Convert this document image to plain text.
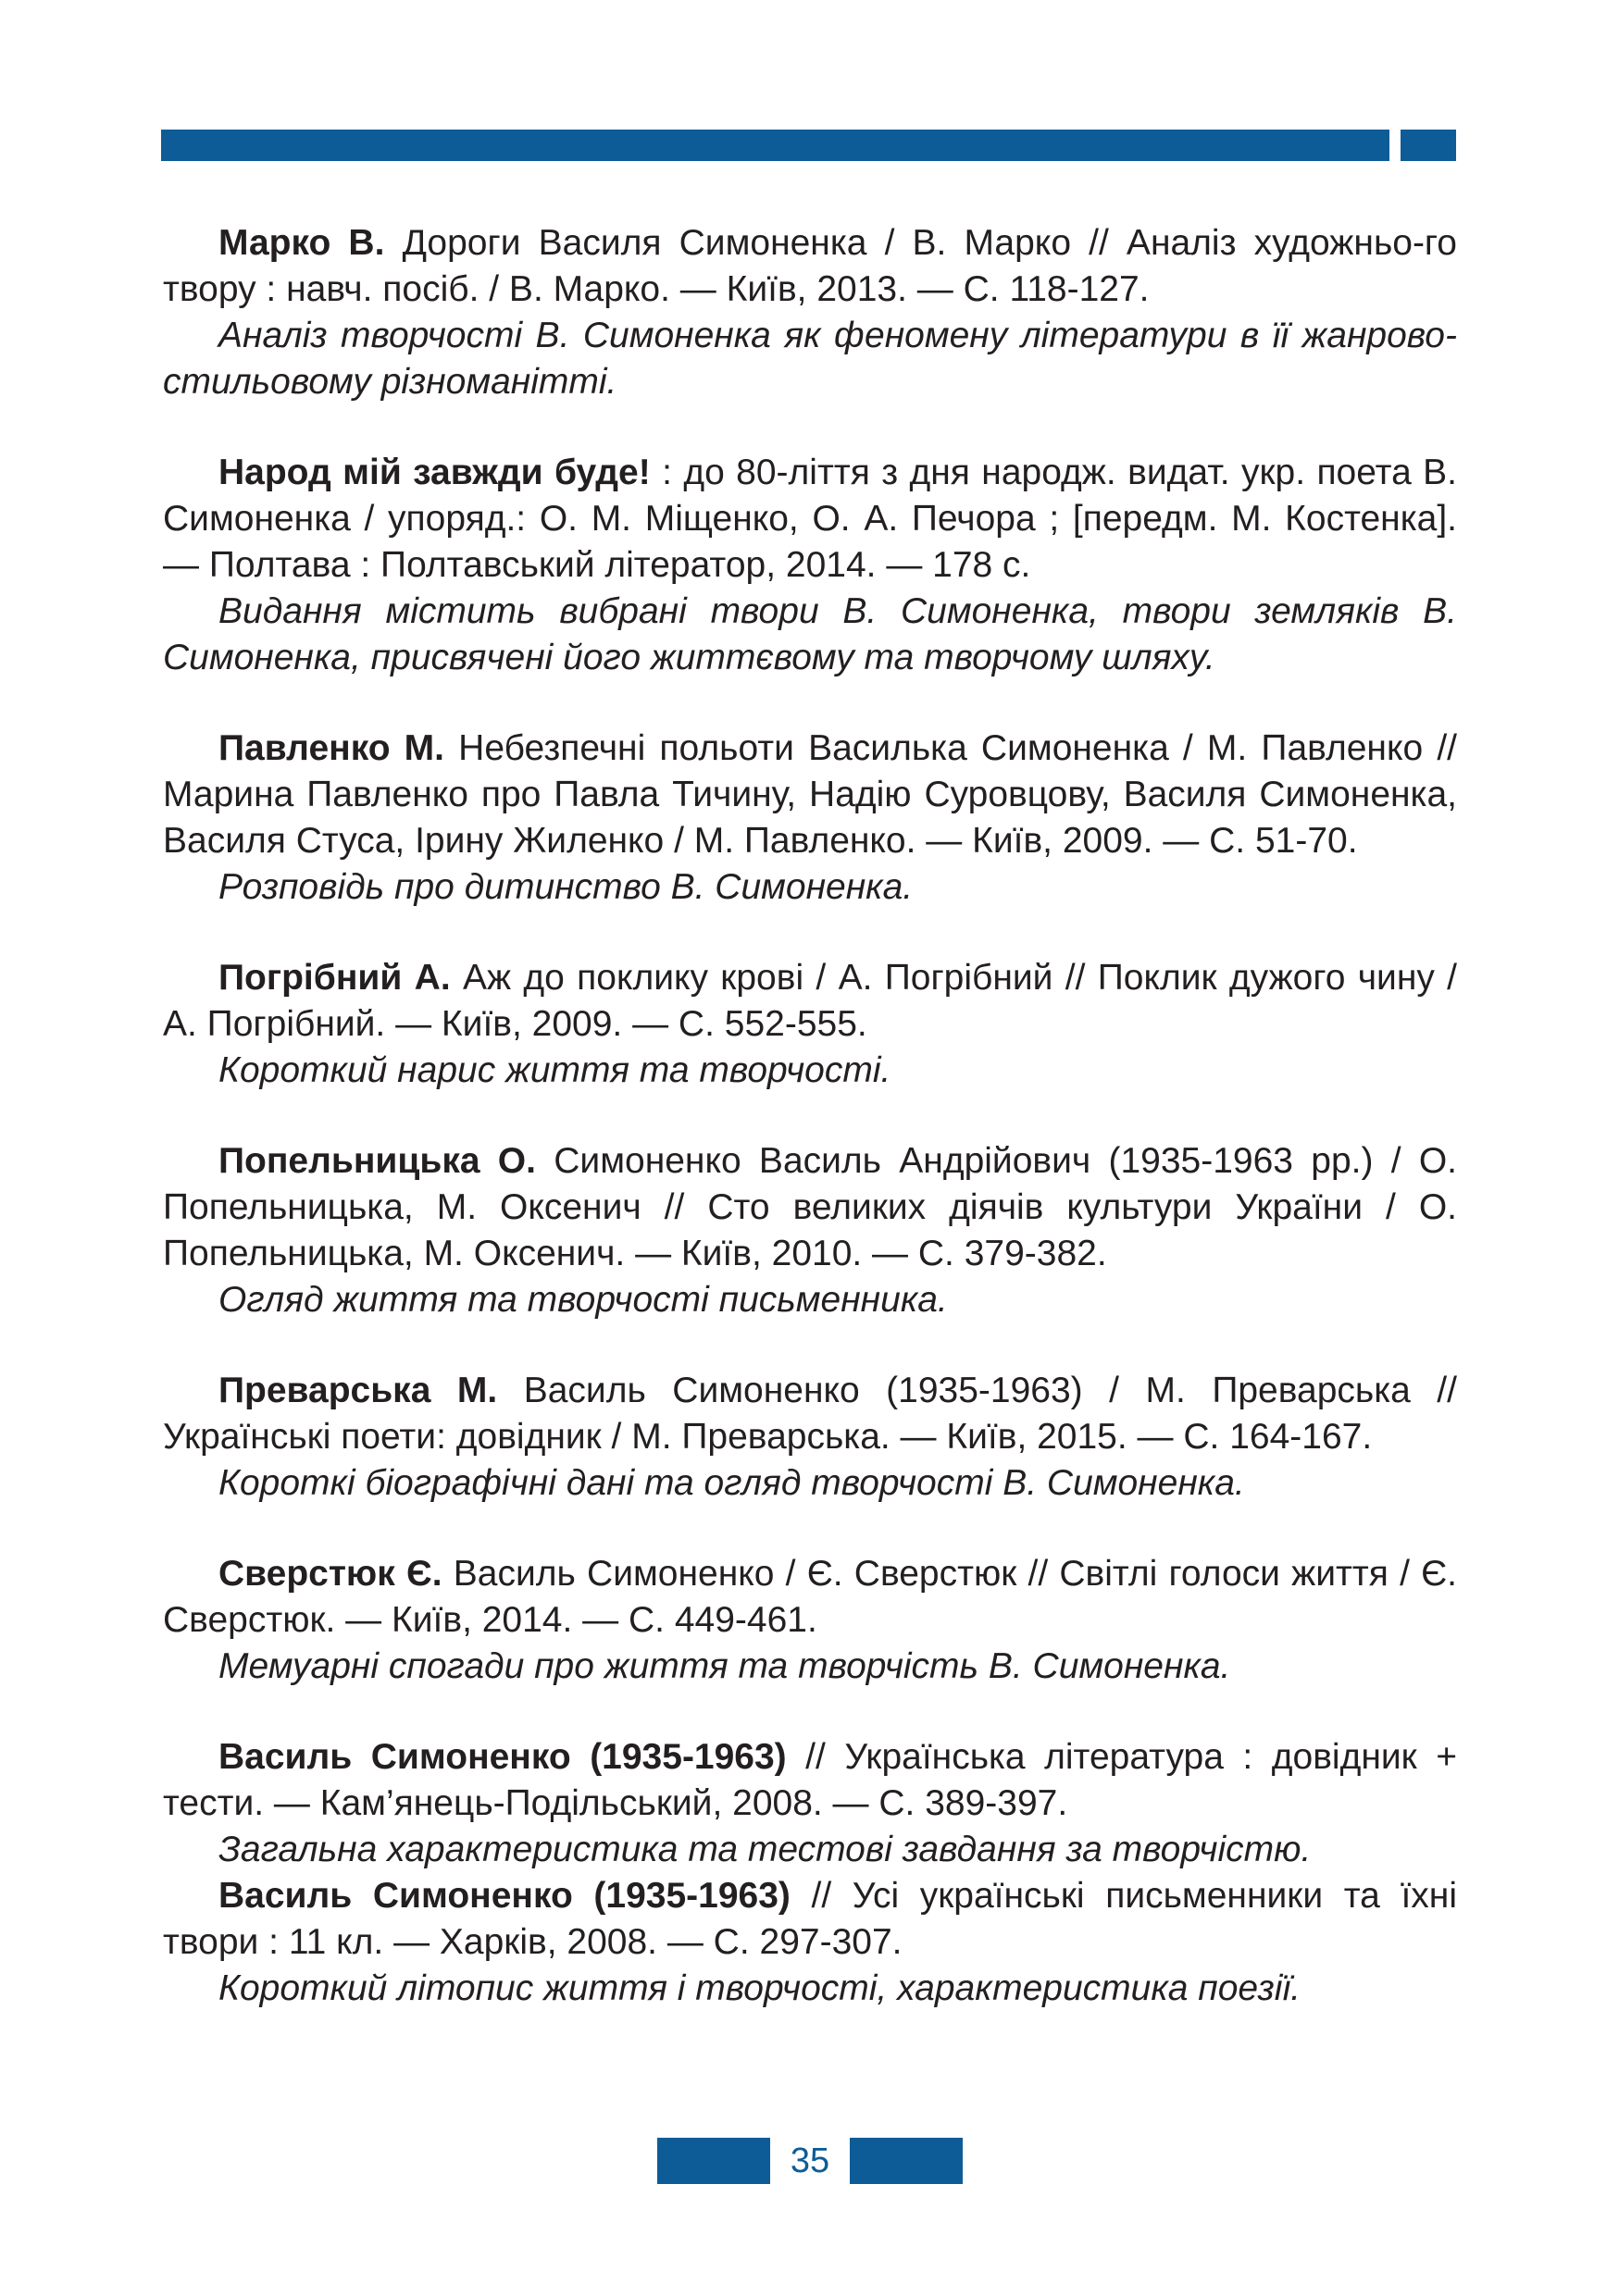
Марко В. Дороги Василя Симоненка / В. Марко // Аналіз художньо-го твору : навч. посіб. / В. Марко. — Київ, 2013. — С. 118-127.

Аналіз творчості В. Симоненка як феномену літератури в її жанрово-стильовому різноманітті.

Народ мій завжди буде! : до 80-ліття з дня народж. видат. укр. поета В. Симоненка / упоряд.: О. М. Міщенко, О. А. Печора ; [передм. М. Костенка]. — Полтава : Полтавський літератор, 2014. — 178 с.

Видання містить вибрані твори В. Симоненка, твори земляків В. Симоненка, присвячені його життєвому та творчому шляху.

Павленко М. Небезпечні польоти Василька Симоненка / М. Павленко // Марина Павленко про Павла Тичину, Надію Суровцову, Василя Симоненка, Василя Стуса, Ірину Жиленко / М. Павленко. — Київ, 2009. — С. 51-70.

Розповідь про дитинство В. Симоненка.

Погрібний А. Аж до поклику крові / А. Погрібний // Поклик дужого чину / А. Погрібний. — Київ, 2009. — С. 552-555.

Короткий нарис життя та творчості.

Попельницька О. Симоненко Василь Андрійович (1935-1963 рр.) / О. Попельницька, М. Оксенич // Сто великих діячів культури України / О. Попельницька, М. Оксенич. — Київ, 2010. — С. 379-382.

Огляд життя та творчості письменника.

Преварська М. Василь Симоненко (1935-1963) / М. Преварська // Українські поети: довідник / М. Преварська. — Київ, 2015. — С. 164-167.

Короткі біографічні дані та огляд творчості В. Симоненка.

Сверстюк Є. Василь Симоненко / Є. Сверстюк // Світлі голоси життя / Є. Сверстюк. — Київ, 2014. — С. 449-461.

Мемуарні спогади про життя та творчість В. Симоненка.

Василь Симоненко (1935-1963) // Українська література : довідник + тести. — Кам’янець-Подільський, 2008. — С. 389-397.

Загальна характеристика та тестові завдання за творчістю.

Василь Симоненко (1935-1963) // Усі українські письменники та їхні твори : 11 кл. — Харків, 2008. — С. 297-307.

Короткий літопис життя і творчості, характеристика поезії.

35
